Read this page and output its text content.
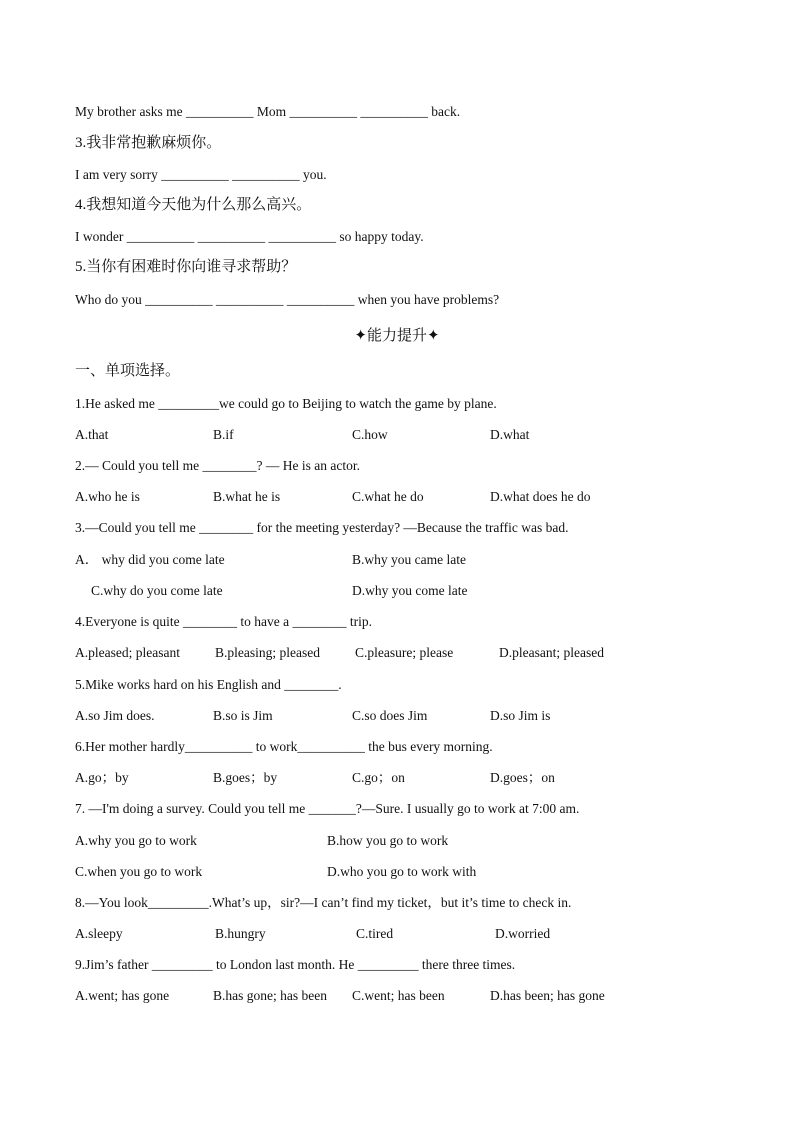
My brother asks me __________ Mom __________ __________ back.
3.我非常抱歉麻烦你。
I am very sorry __________ __________ you.
4.我想知道今天他为什么那么高兴。
I wonder __________ __________ __________ so happy today.
5.当你有困难时你向谁寻求帮助？
Who do you __________ __________ __________ when you have problems?
✦能力提升✦
一、单项选择。
1.He asked me _________we could go to Beijing to watch the game by plane.
A.that	B.if	C.how	D.what
2.— Could you tell me ________? — He is an actor.
A.who he is	B.what he is	C.what he do	D.what does he do
3.—Could you tell me ________ for the meeting yesterday? —Because the traffic was bad.
A． why did you come late	B.why you came late
C.why do you come late	D.why you come late
4.Everyone is quite ________ to have a ________ trip.
A.pleased; pleasant	B.pleasing; pleased	C.pleasure; please	D.pleasant; pleased
5.Mike works hard on his English and ________.
A.so Jim does.	B.so is Jim	C.so does Jim	D.so Jim is
6.Her mother hardly__________ to work__________ the bus every morning.
A.go；by	B.goes；by	C.go；on	D.goes；on
7. —I'm doing a survey. Could you tell me _______?—Sure. I usually go to work at 7:00 am.
A.why you go to work	B.how you go to work
C.when you go to work	D.who you go to work with
8.—You look_________.What’s up，sir?—I can’t find my ticket，but it’s time to check in.
A.sleepy	B.hungry	C.tired	D.worried
9.Jim’s father _________ to London last month. He _________ there three times.
A.went; has gone	B.has gone; has been C.went; has been	D.has been; has gone
